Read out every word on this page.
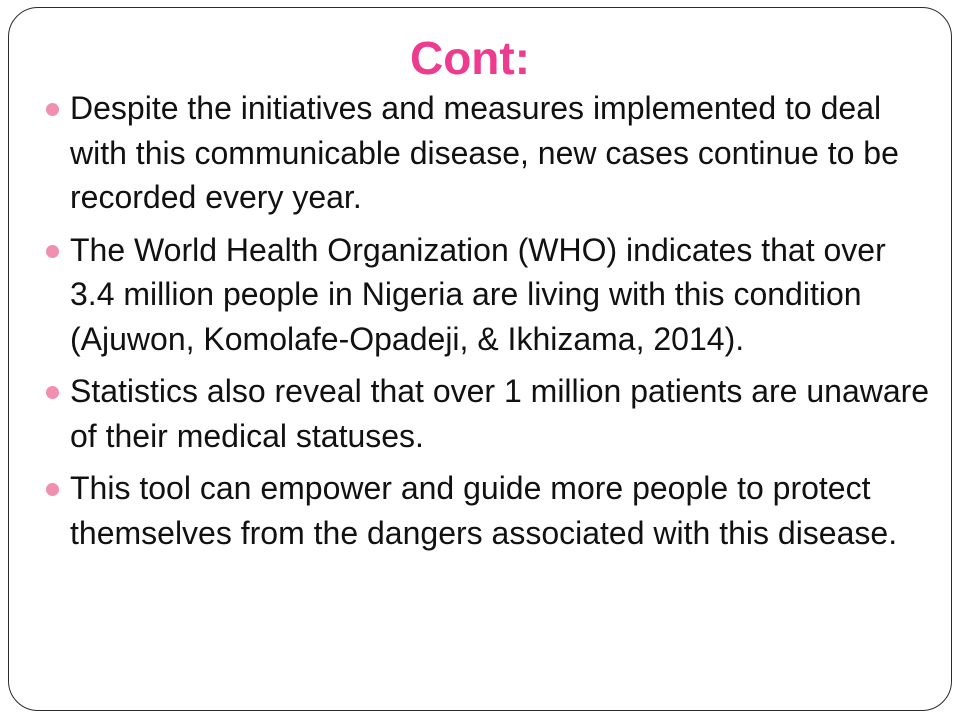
Cont:
Despite the initiatives and measures implemented to deal with this communicable disease, new cases continue to be recorded every year.
The World Health Organization (WHO) indicates that over 3.4 million people in Nigeria are living with this condition (Ajuwon, Komolafe-Opadeji, & Ikhizama, 2014).
Statistics also reveal that over 1 million patients are unaware of their medical statuses.
This tool can empower and guide more people to protect themselves from the dangers associated with this disease.
